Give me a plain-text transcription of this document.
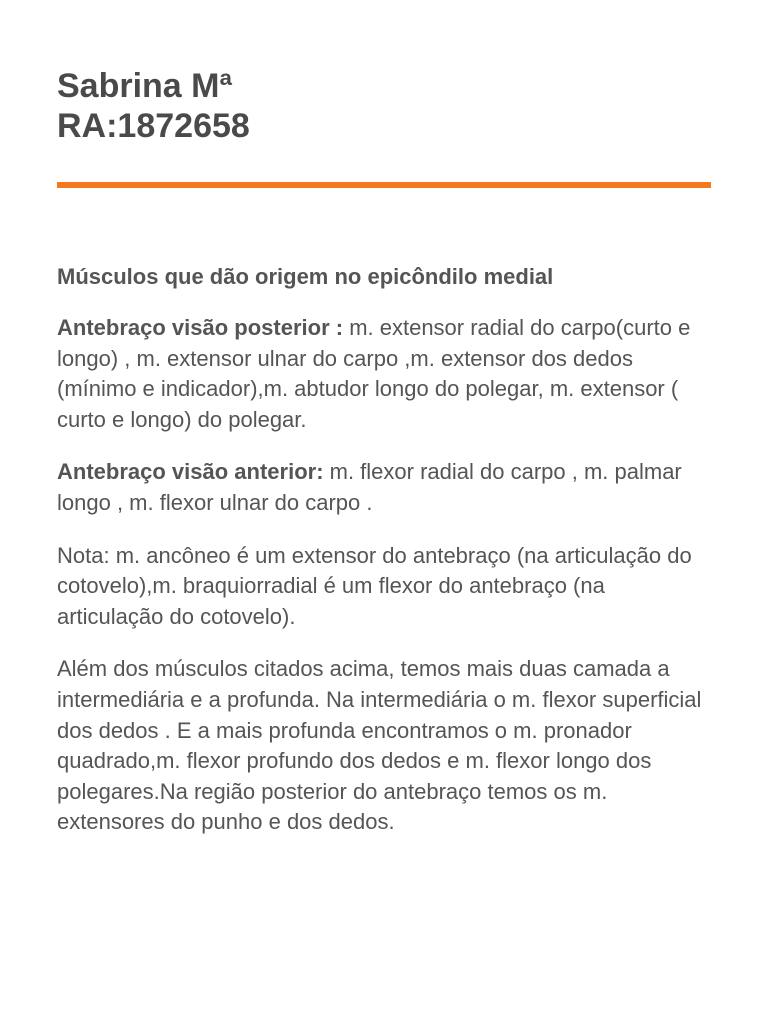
Sabrina Mª
RA:1872658
Músculos que dão origem no epicôndilo medial

Antebraço visão posterior : m. extensor radial do carpo(curto e longo) , m. extensor ulnar do carpo ,m. extensor dos dedos (mínimo e indicador),m. abtudor longo do polegar, m. extensor ( curto e longo) do polegar.

Antebraço visão anterior: m. flexor radial do carpo , m. palmar longo , m. flexor ulnar do carpo .

Nota: m. ancôneo é um extensor do antebraço (na articulação do cotovelo),m. braquiorradial é um flexor do antebraço (na articulação do cotovelo).

Além dos músculos citados acima, temos mais duas camada a intermediária e a profunda. Na intermediária o m. flexor superficial dos dedos . E a mais profunda encontramos o m. pronador quadrado,m. flexor profundo dos dedos e m. flexor longo dos polegares.Na região posterior do antebraço temos os m. extensores do punho e dos dedos.
